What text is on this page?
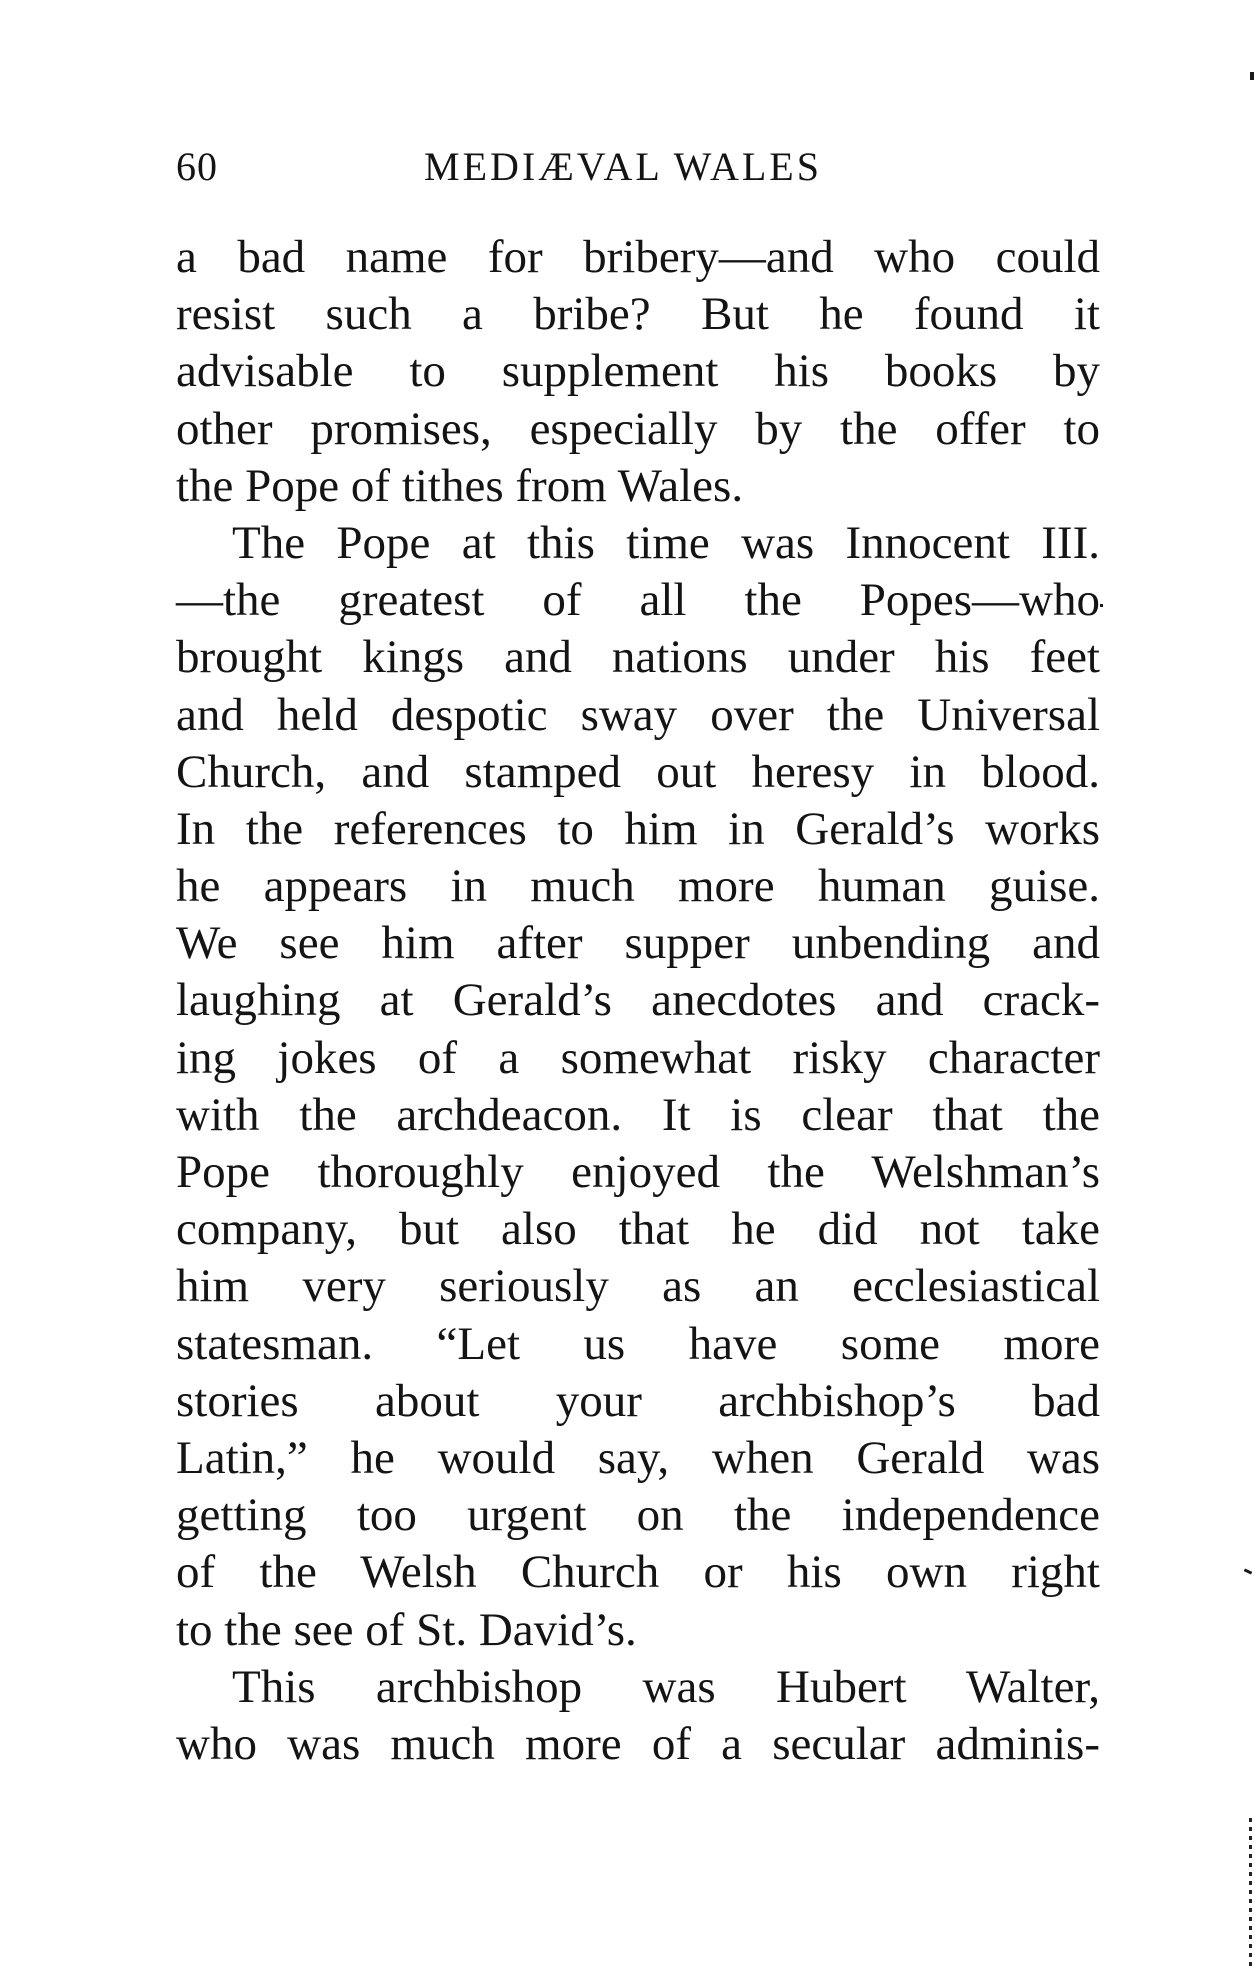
60	MEDIÆVAL WALES
a bad name for bribery—and who could
resist such a bribe? But he found it
advisable to supplement his books by
other promises, especially by the offer to
the Pope of tithes from Wales.
The Pope at this time was Innocent III.
—the greatest of all the Popes—who
brought kings and nations under his feet
and held despotic sway over the Universal
Church, and stamped out heresy in blood.
In the references to him in Gerald’s works
he appears in much more human guise.
We see him after supper unbending and
laughing at Gerald’s anecdotes and crack-
ing jokes of a somewhat risky character
with the archdeacon. It is clear that the
Pope thoroughly enjoyed the Welshman’s
company, but also that he did not take
him very seriously as an ecclesiastical
statesman. “Let us have some more
stories about your archbishop’s bad
Latin,” he would say, when Gerald was
getting too urgent on the independence
of the Welsh Church or his own right
to the see of St. David’s.
This archbishop was Hubert Walter,
who was much more of a secular adminis-
